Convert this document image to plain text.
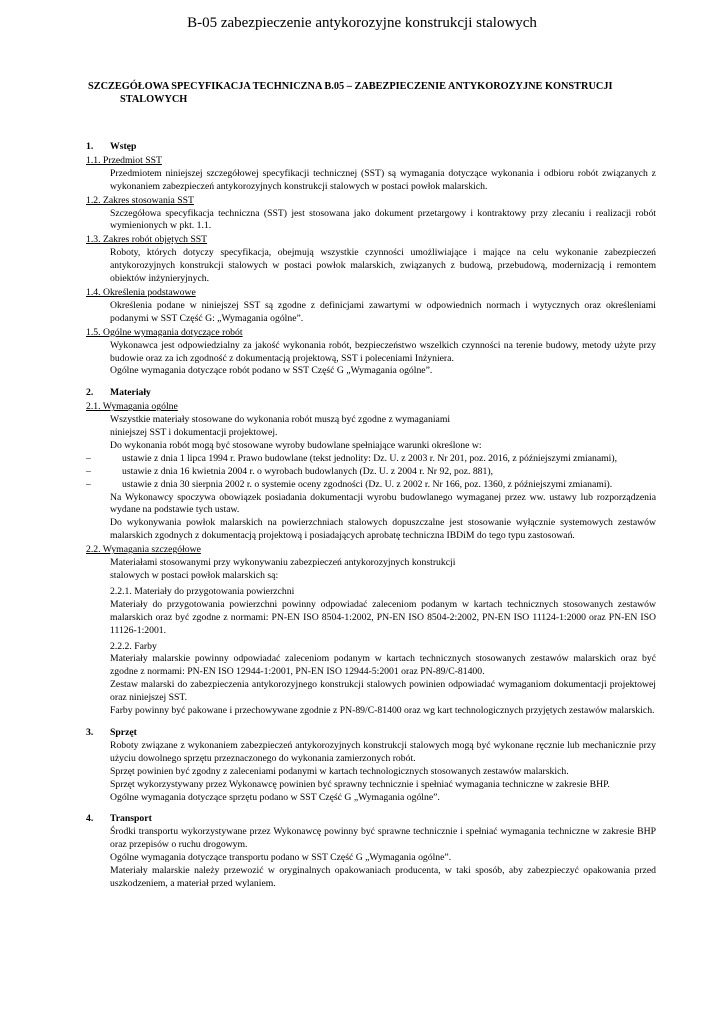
B-05 zabezpieczenie antykorozyjne konstrukcji stalowych
SZCZEGÓŁOWA SPECYFIKACJA TECHNICZNA B.05 – ZABEZPIECZENIE ANTYKOROZYJNE KONSTRUCJI
STALOWYCH
1.	Wstęp
1.1. Przedmiot SST
Przedmiotem niniejszej szczegółowej specyfikacji technicznej (SST) są wymagania dotyczące wykonania i odbioru robót związanych z wykonaniem zabezpieczeń antykorozyjnych konstrukcji stalowych w postaci powłok malarskich.
1.2. Zakres stosowania SST
Szczegółowa specyfikacja techniczna (SST) jest stosowana jako dokument przetargowy i kontraktowy przy zlecaniu i realizacji robót wymienionych w pkt. 1.1.
1.3. Zakres robót objętych SST
Roboty, których dotyczy specyfikacja, obejmują wszystkie czynności umożliwiające i mające na celu wykonanie zabezpieczeń antykorozyjnych konstrukcji stalowych w postaci powłok malarskich, związanych z budową, przebudową, modernizacją i remontem obiektów inżynieryjnych.
1.4. Określenia podstawowe
Określenia podane w niniejszej SST są zgodne z definicjami zawartymi w odpowiednich normach i wytycznych oraz określeniami podanymi w SST Część G: „Wymagania ogólne”.
1.5. Ogólne wymagania dotyczące robót
Wykonawca jest odpowiedzialny za jakość wykonania robót, bezpieczeństwo wszelkich czynności na terenie budowy, metody użyte przy budowie oraz za ich zgodność z dokumentacją projektową, SST i poleceniami Inżyniera.
Ogólne wymagania dotyczące robót podano w SST Część G „Wymagania ogólne”.
2.	Materiały
2.1. Wymagania ogólne
Wszystkie materiały stosowane do wykonania robót muszą być zgodne z wymaganiami
niniejszej SST i dokumentacji projektowej.
Do wykonania robót mogą być stosowane wyroby budowlane spełniające warunki określone w:
–	ustawie z dnia 1 lipca 1994 r. Prawo budowlane (tekst jednolity: Dz. U. z 2003 r. Nr 201, poz. 2016, z późniejszymi zmianami),
–	ustawie z dnia 16 kwietnia 2004 r. o wyrobach budowlanych (Dz. U. z 2004 r. Nr 92, poz. 881),
–	ustawie z dnia 30 sierpnia 2002 r. o systemie oceny zgodności (Dz. U. z 2002 r. Nr 166, poz. 1360, z późniejszymi zmianami).
Na Wykonawcy spoczywa obowiązek posiadania dokumentacji wyrobu budowlanego wymaganej przez ww. ustawy lub rozporządzenia wydane na podstawie tych ustaw.
Do wykonywania powłok malarskich na powierzchniach stalowych dopuszczalne jest stosowanie wyłącznie systemowych zestawów malarskich zgodnych z dokumentacją projektową i posiadających aprobatę techniczna IBDiM do tego typu zastosowań.
2.2. Wymagania szczegółowe
Materiałami stosowanymi przy wykonywaniu zabezpieczeń antykorozyjnych konstrukcji
stalowych w postaci powłok malarskich są:
2.2.1. Materiały do przygotowania powierzchni
Materiały do przygotowania powierzchni powinny odpowiadać zaleceniom podanym w kartach technicznych stosowanych zestawów malarskich oraz być zgodne z normami: PN-EN ISO 8504-1:2002, PN-EN ISO 8504-2:2002, PN-EN ISO 11124-1:2000 oraz PN-EN ISO 11126-1:2001.
2.2.2. Farby
Materiały malarskie powinny odpowiadać zaleceniom podanym w kartach technicznych stosowanych zestawów malarskich oraz być zgodne z normami: PN-EN ISO 12944-1:2001, PN-EN ISO 12944-5:2001 oraz PN-89/C-81400.
Zestaw malarski do zabezpieczenia antykorozyjnego konstrukcji stalowych powinien odpowiadać wymaganiom dokumentacji projektowej oraz niniejszej SST.
Farby powinny być pakowane i przechowywane zgodnie z PN-89/C-81400 oraz wg kart technologicznych przyjętych zestawów malarskich.
3.	Sprzęt
Roboty związane z wykonaniem zabezpieczeń antykorozyjnych konstrukcji stalowych mogą być wykonane ręcznie lub mechanicznie przy użyciu dowolnego sprzętu przeznaczonego do wykonania zamierzonych robót.
Sprzęt powinien być zgodny z zaleceniami podanymi w kartach technologicznych stosowanych zestawów malarskich.
Sprzęt wykorzystywany przez Wykonawcę powinien być sprawny technicznie i spełniać wymagania techniczne w zakresie BHP.
Ogólne wymagania dotyczące sprzętu podano w SST Część G „Wymagania ogólne”.
4.	Transport
Środki transportu wykorzystywane przez Wykonawcę powinny być sprawne technicznie i spełniać wymagania techniczne w zakresie BHP oraz przepisów o ruchu drogowym.
Ogólne wymagania dotyczące transportu podano w SST Część G „Wymagania ogólne”.
Materiały malarskie należy przewozić w oryginalnych opakowaniach producenta, w taki sposób, aby zabezpieczyć opakowania przed uszkodzeniem, a materiał przed wylaniem.
